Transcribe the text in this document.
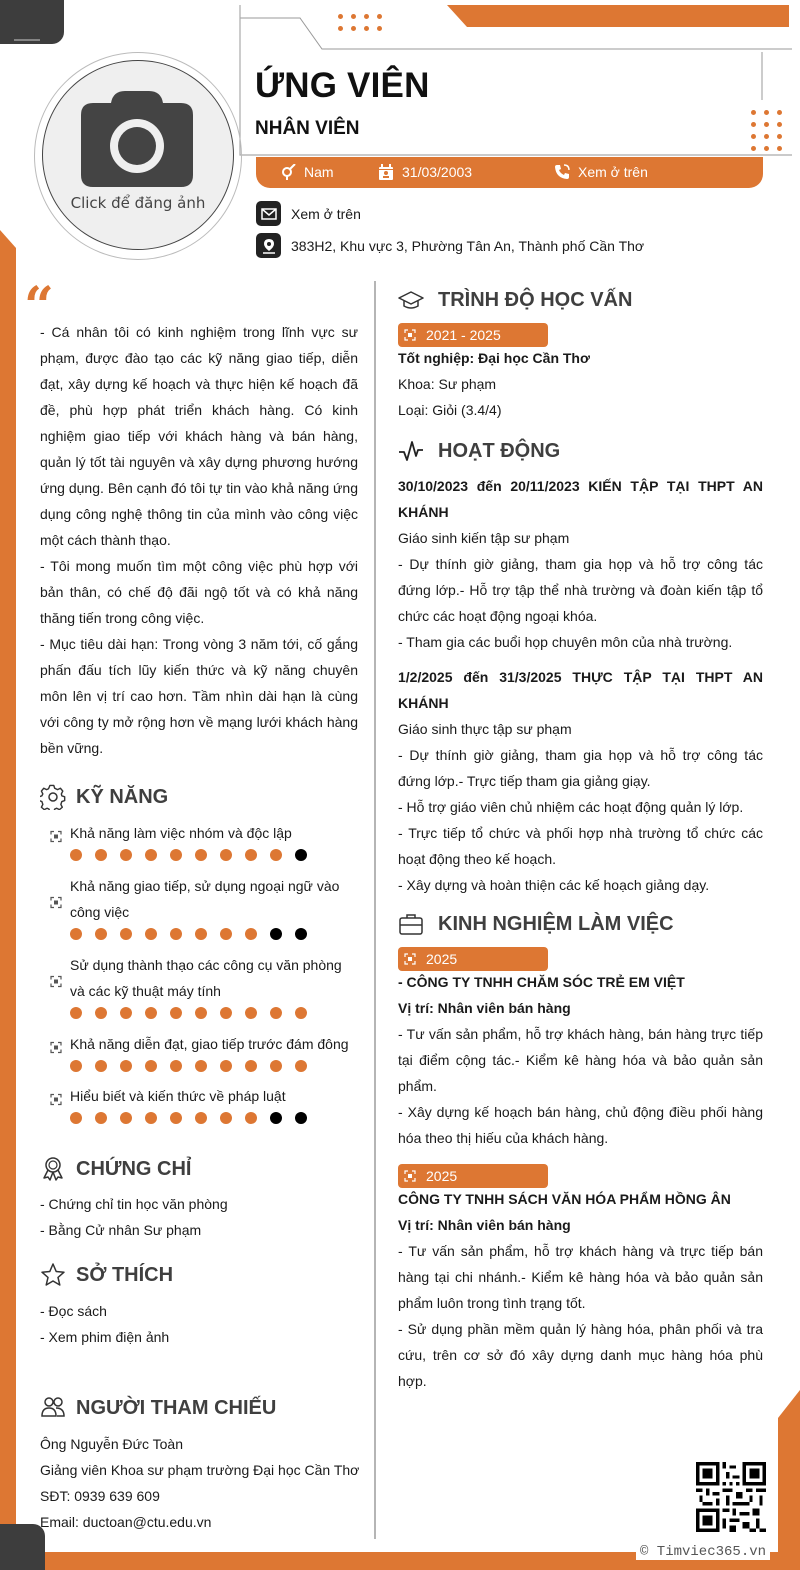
Click để đăng ảnh
ỨNG VIÊN
NHÂN VIÊN
Nam	31/03/2003	Xem ở trên
Xem ở trên
383H2, Khu vực 3, Phường Tân An, Thành phố Cần Thơ
“

- Cá nhân tôi có kinh nghiệm trong lĩnh vực sư phạm, được đào tạo các kỹ năng giao tiếp, diễn đạt, xây dựng kế hoạch và thực hiện kế hoạch đã đề, phù hợp phát triển khách hàng. Có kinh nghiệm giao tiếp với khách hàng và bán hàng, quản lý tốt tài nguyên và xây dựng phương hướng ứng dụng. Bên cạnh đó tôi tự tin vào khả năng ứng dụng công nghệ thông tin của mình vào công việc một cách thành thạo.

- Tôi mong muốn tìm một công việc phù hợp với bản thân, có chế độ đãi ngộ tốt và có khả năng thăng tiến trong công việc.

- Mục tiêu dài hạn: Trong vòng 3 năm tới, cố gắng phấn đấu tích lũy kiến thức và kỹ năng chuyên môn lên vị trí cao hơn. Tầm nhìn dài hạn là cùng với công ty mở rộng hơn về mạng lưới khách hàng bền vững.

KỸ NĂNG
Khả năng làm việc nhóm và độc lập
Khả năng giao tiếp, sử dụng ngoại ngữ vào công việc
Sử dụng thành thạo các công cụ văn phòng và các kỹ thuật máy tính
Khả năng diễn đạt, giao tiếp trước đám đông
Hiểu biết và kiến thức về pháp luật
CHỨNG CHỈ
- Chứng chỉ tin học văn phòng
- Bằng Cử nhân Sư phạm
SỞ THÍCH
- Đọc sách
- Xem phim điện ảnh
NGƯỜI THAM CHIẾU
Ông Nguyễn Đức Toàn
Giảng viên Khoa sư phạm trường Đại học Cần Thơ
SĐT: 0939 639 609
Email: ductoan@ctu.edu.vn
TRÌNH ĐỘ HỌC VẤN
2021 - 2025
Tốt nghiệp: Đại học Cần Thơ
Khoa: Sư phạm
Loại: Giỏi (3.4/4)
HOẠT ĐỘNG
30/10/2023 đến 20/11/2023 KIẾN TẬP TẠI THPT AN KHÁNH
Giáo sinh kiến tập sư phạm
- Dự thính giờ giảng, tham gia họp và hỗ trợ công tác đứng lớp.- Hỗ trợ tập thể nhà trường và đoàn kiến tập tổ chức các hoạt động ngoại khóa.
- Tham gia các buổi họp chuyên môn của nhà trường.
1/2/2025 đến 31/3/2025 THỰC TẬP TẠI THPT AN KHÁNH
Giáo sinh thực tập sư phạm
- Dự thính giờ giảng, tham gia họp và hỗ trợ công tác đứng lớp.- Trực tiếp tham gia giảng giạy.
- Hỗ trợ giáo viên chủ nhiệm các hoạt động quản lý lớp.
- Trực tiếp tổ chức và phối hợp nhà trường tổ chức các hoạt động theo kế hoạch.
- Xây dựng và hoàn thiện các kế hoạch giảng dạy.
KINH NGHIỆM LÀM VIỆC
2025
- CÔNG TY TNHH CHĂM SÓC TRẺ EM VIỆT
Vị trí: Nhân viên bán hàng
- Tư vấn sản phẩm, hỗ trợ khách hàng, bán hàng trực tiếp tại điểm cộng tác.- Kiểm kê hàng hóa và bảo quản sản phẩm.
- Xây dựng kế hoạch bán hàng, chủ động điều phối hàng hóa theo thị hiếu của khách hàng.
2025
CÔNG TY TNHH SÁCH VĂN HÓA PHẨM HỒNG ÂN
Vị trí: Nhân viên bán hàng
- Tư vấn sản phẩm, hỗ trợ khách hàng và trực tiếp bán hàng tại chi nhánh.- Kiểm kê hàng hóa và bảo quản sản phẩm luôn trong tình trạng tốt.
- Sử dụng phần mềm quản lý hàng hóa, phân phối và tra cứu, trên cơ sở đó xây dựng danh mục hàng hóa phù hợp.
© Timviec365.vn
